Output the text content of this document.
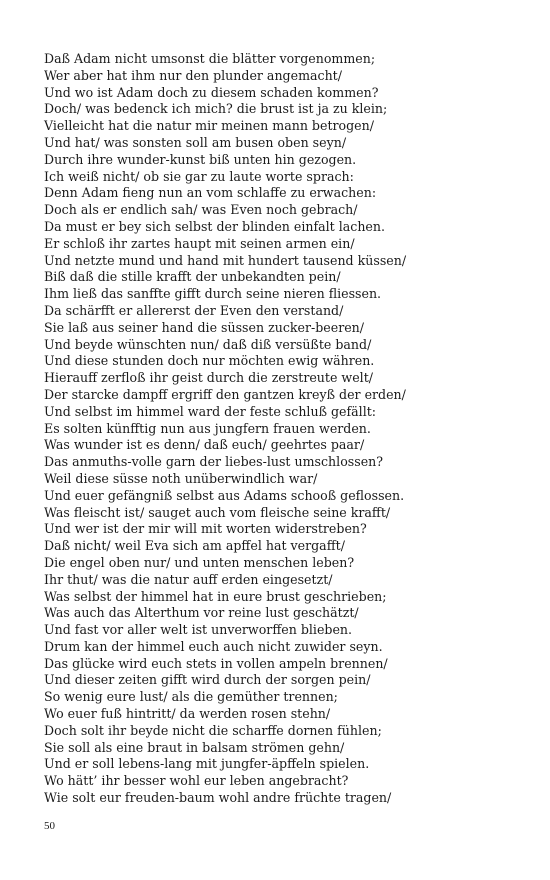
Daß Adam nicht umsonst die blätter vorgenommen;
Wer aber hat ihm nur den plunder angemacht/
Und wo ist Adam doch zu diesem schaden kommen?
Doch/ was bedenck ich mich? die brust ist ja zu klein;
Vielleicht hat die natur mir meinen mann betrogen/
Und hat/ was sonsten soll am busen oben seyn/
Durch ihre wunder-kunst biß unten hin gezogen.
Ich weiß nicht/ ob sie gar zu laute worte sprach:
Denn Adam fieng nun an vom schlaffe zu erwachen:
Doch als er endlich sah/ was Even noch gebrach/
Da must er bey sich selbst der blinden einfalt lachen.
Er schloß ihr zartes haupt mit seinen armen ein/
Und netzte mund und hand mit hundert tausend küssen/
Biß daß die stille krafft der unbekandten pein/
Ihm ließ das sanffte gifft durch seine nieren fliessen.
Da schärfft er allererst der Even den verstand/
Sie laß aus seiner hand die süssen zucker-beeren/
Und beyde wünschten nun/ daß diß versüßte band/
Und diese stunden doch nur möchten ewig währen.
Hierauff zerfloß ihr geist durch die zerstreute welt/
Der starcke dampff ergriff den gantzen kreyß der erden/
Und selbst im himmel ward der feste schluß gefällt:
Es solten künfftig nun aus jungfern frauen werden.
Was wunder ist es denn/ daß euch/ geehrtes paar/
Das anmuths-volle garn der liebes-lust umschlossen?
Weil diese süsse noth unüberwindlich war/
Und euer gefängniß selbst aus Adams schooß geflossen.
Was fleischt ist/ sauget auch vom fleische seine krafft/
Und wer ist der mir will mit worten widerstreben?
Daß nicht/ weil Eva sich am apffel hat vergafft/
Die engel oben nur/ und unten menschen leben?
Ihr thut/ was die natur auff erden eingesetzt/
Was selbst der himmel hat in eure brust geschrieben;
Was auch das Alterthum vor reine lust geschätzt/
Und fast vor aller welt ist unverworffen blieben.
Drum kan der himmel euch auch nicht zuwider seyn.
Das glücke wird euch stets in vollen ampeln brennen/
Und dieser zeiten gifft wird durch der sorgen pein/
So wenig eure lust/ als die gemüther trennen;
Wo euer fuß hintritt/ da werden rosen stehn/
Doch solt ihr beyde nicht die scharffe dornen fühlen;
Sie soll als eine braut in balsam strömen gehn/
Und er soll lebens-lang mit jungfer-äpffeln spielen.
Wo hätt’ ihr besser wohl eur leben angebracht?
Wie solt eur freuden-baum wohl andre früchte tragen/
50
